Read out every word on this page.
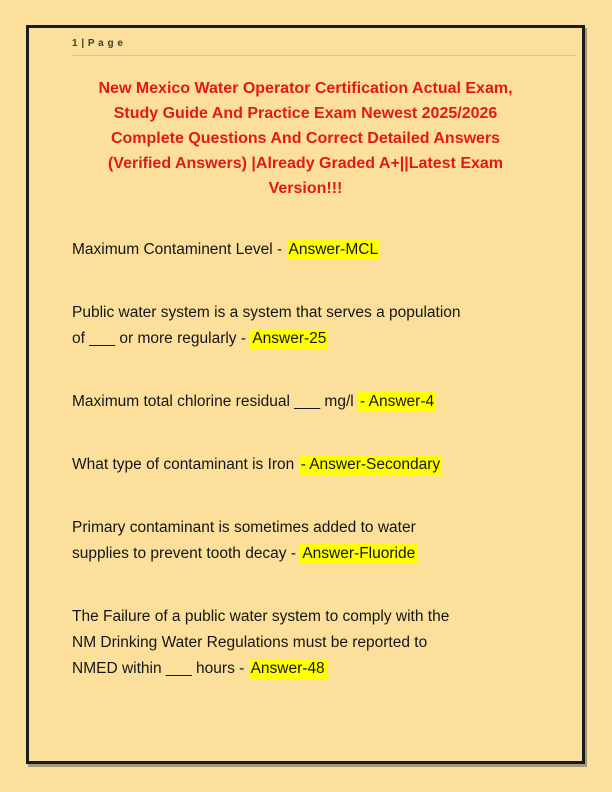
1 | P a g e
New Mexico Water Operator Certification Actual Exam,
Study Guide And Practice Exam Newest 2025/2026
Complete Questions And Correct Detailed Answers
(Verified Answers) |Already Graded A+||Latest Exam
Version!!!
Maximum Contaminent Level - Answer-MCL
Public water system is a system that serves a population
of ___ or more regularly - Answer-25
Maximum total chlorine residual ___ mg/l - Answer-4
What type of contaminant is Iron - Answer-Secondary
Primary contaminant is sometimes added to water
supplies to prevent tooth decay - Answer-Fluoride
The Failure of a public water system to comply with the
NM Drinking Water Regulations must be reported to
NMED within ___ hours - Answer-48
